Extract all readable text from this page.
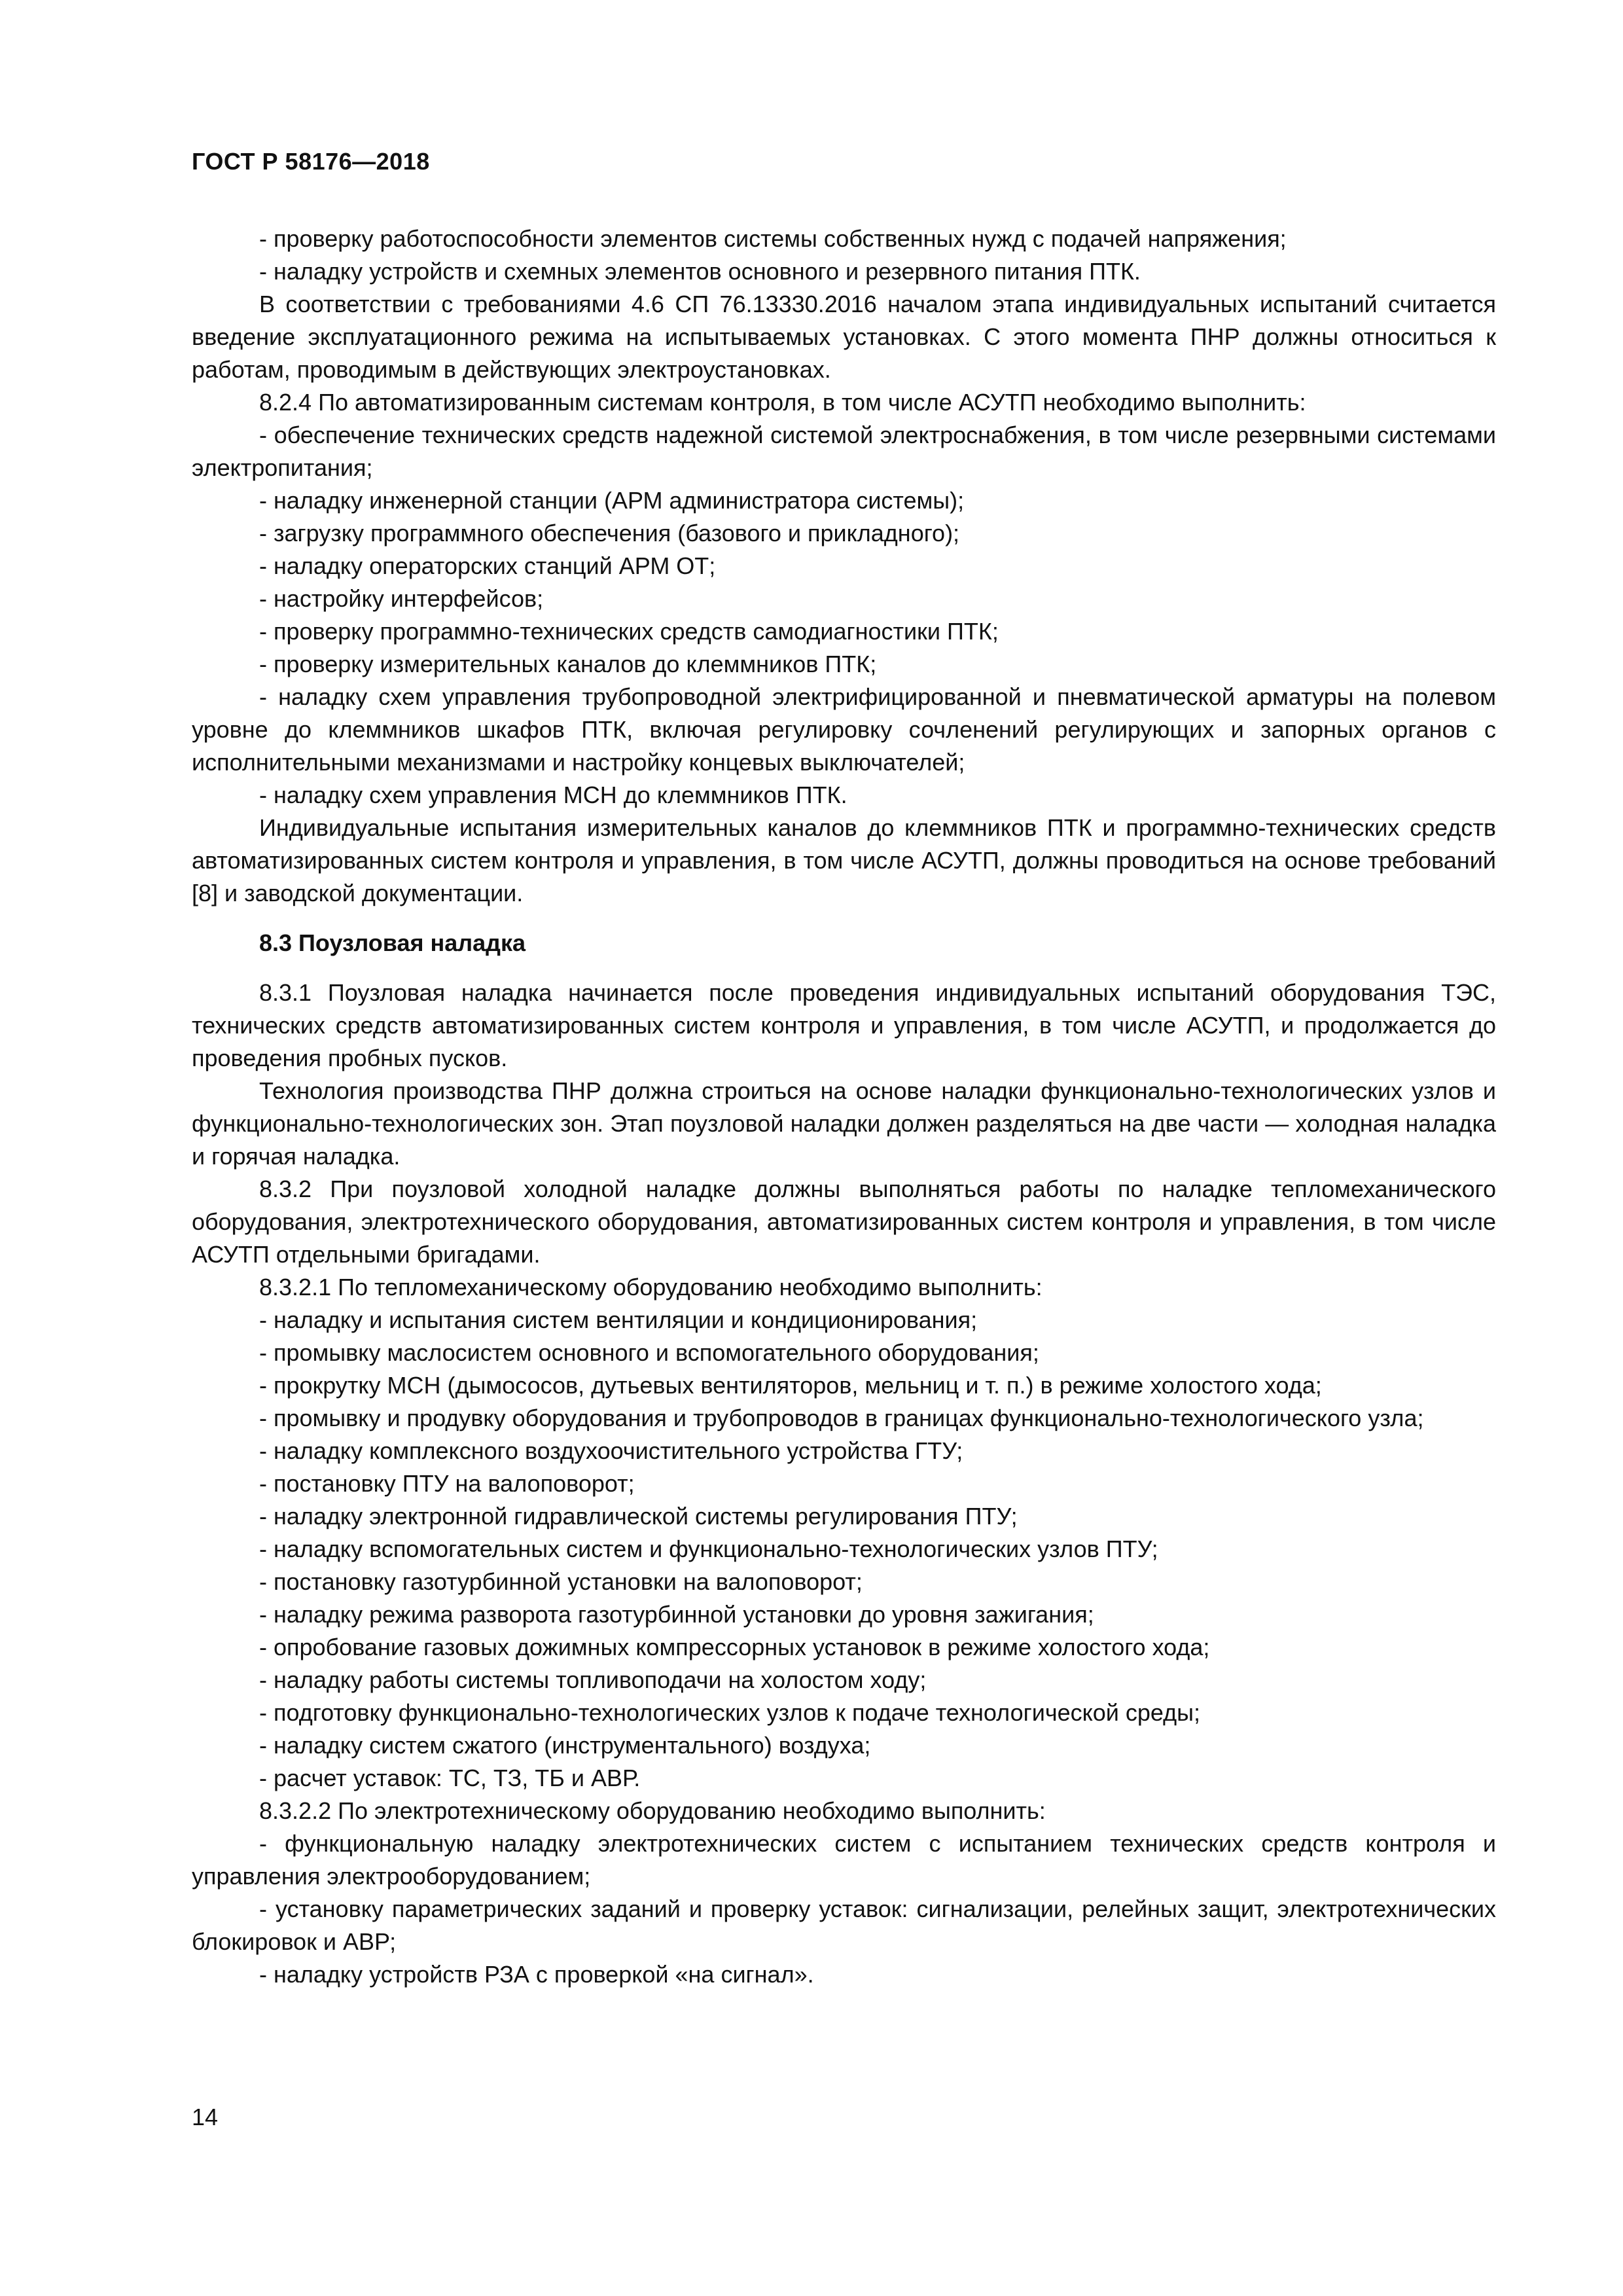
ГОСТ Р 58176—2018

- проверку работоспособности элементов системы собственных нужд с подачей напряжения;

- наладку устройств и схемных элементов основного и резервного питания ПТК.

В соответствии с требованиями 4.6 СП 76.13330.2016 началом этапа индивидуальных испытаний считается введение эксплуатационного режима на испытываемых установках. С этого момента ПНР должны относиться к работам, проводимым в действующих электроустановках.

8.2.4 По автоматизированным системам контроля, в том числе АСУТП необходимо выполнить:

- обеспечение технических средств надежной системой электроснабжения, в том числе резервными системами электропитания;

- наладку инженерной станции (АРМ администратора системы);

- загрузку программного обеспечения (базового и прикладного);

- наладку операторских станций АРМ ОТ;

- настройку интерфейсов;

- проверку программно-технических средств самодиагностики ПТК;

- проверку измерительных каналов до клеммников ПТК;

- наладку схем управления трубопроводной электрифицированной и пневматической арматуры на полевом уровне до клеммников шкафов ПТК, включая регулировку сочленений регулирующих и запорных органов с исполнительными механизмами и настройку концевых выключателей;

- наладку схем управления МСН до клеммников ПТК.

Индивидуальные испытания измерительных каналов до клеммников ПТК и программно-технических средств автоматизированных систем контроля и управления, в том числе АСУТП, должны проводиться на основе требований [8] и заводской документации.

8.3 Поузловая наладка

8.3.1 Поузловая наладка начинается после проведения индивидуальных испытаний оборудования ТЭС, технических средств автоматизированных систем контроля и управления, в том числе АСУТП, и продолжается до проведения пробных пусков.

Технология производства ПНР должна строиться на основе наладки функционально-технологических узлов и функционально-технологических зон. Этап поузловой наладки должен разделяться на две части — холодная наладка и горячая наладка.

8.3.2 При поузловой холодной наладке должны выполняться работы по наладке тепломеханического оборудования, электротехнического оборудования, автоматизированных систем контроля и управления, в том числе АСУТП отдельными бригадами.

8.3.2.1 По тепломеханическому оборудованию необходимо выполнить:

- наладку и испытания систем вентиляции и кондиционирования;

- промывку маслосистем основного и вспомогательного оборудования;

- прокрутку МСН (дымососов, дутьевых вентиляторов, мельниц и т. п.) в режиме холостого хода;

- промывку и продувку оборудования и трубопроводов в границах функционально-технологического узла;

- наладку комплексного воздухоочистительного устройства ГТУ;

- постановку ПТУ на валоповорот;

- наладку электронной гидравлической системы регулирования ПТУ;

- наладку вспомогательных систем и функционально-технологических узлов ПТУ;

- постановку газотурбинной установки на валоповорот;

- наладку режима разворота газотурбинной установки до уровня зажигания;

- опробование газовых дожимных компрессорных установок в режиме холостого хода;

- наладку работы системы топливоподачи на холостом ходу;

- подготовку функционально-технологических узлов к подаче технологической среды;

- наладку систем сжатого (инструментального) воздуха;

- расчет уставок: ТС, ТЗ, ТБ и АВР.

8.3.2.2 По электротехническому оборудованию необходимо выполнить:

- функциональную наладку электротехнических систем с испытанием технических средств контроля и управления электрооборудованием;

- установку параметрических заданий и проверку уставок: сигнализации, релейных защит, электротехнических блокировок и АВР;

- наладку устройств РЗА с проверкой «на сигнал».

14
